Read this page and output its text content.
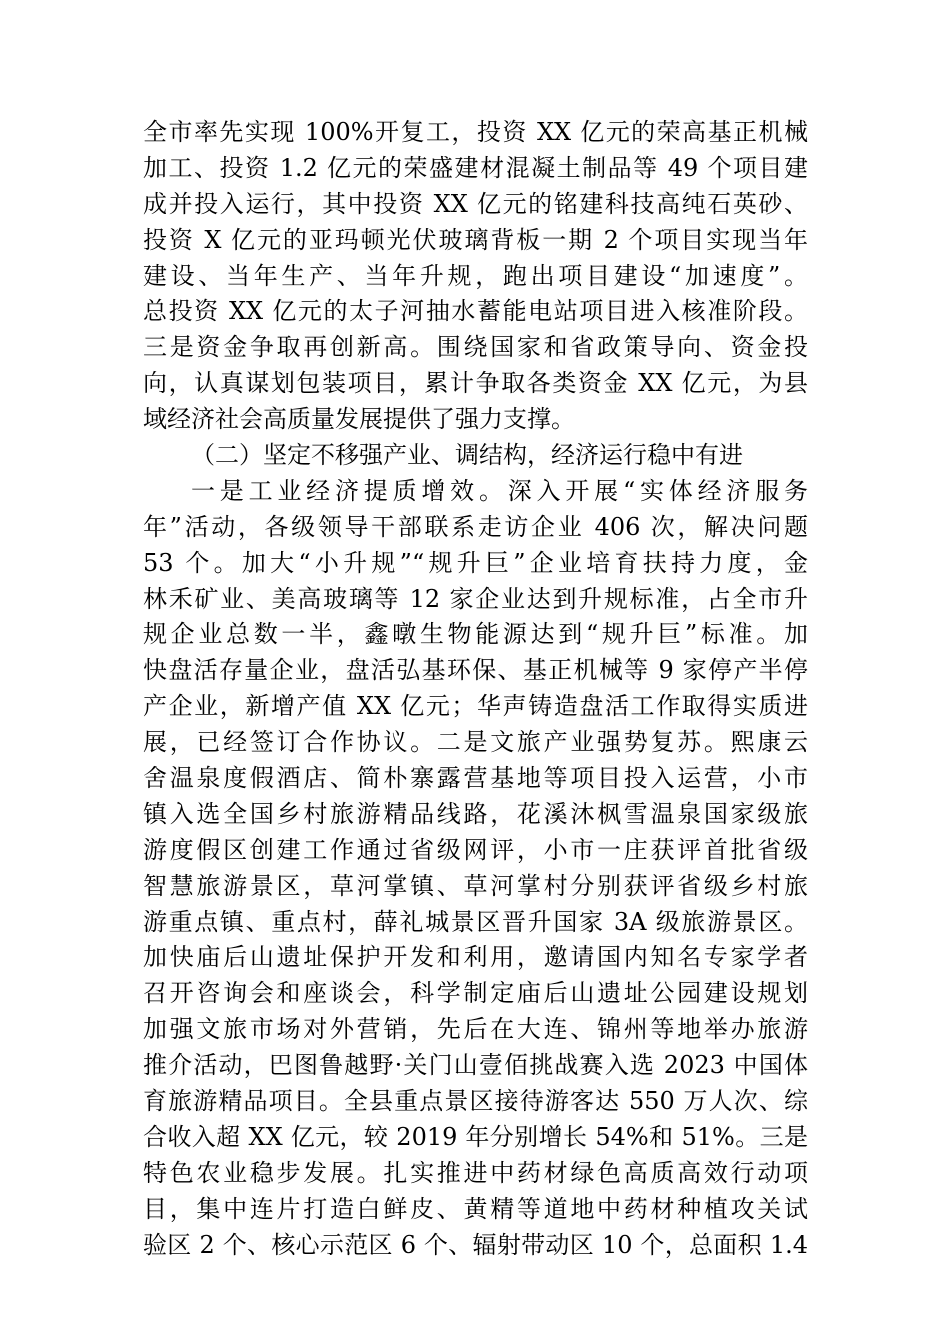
全市率先实现 100%开复工，投资 XX 亿元的荣高基正机械
加工、投资 1.2 亿元的荣盛建材混凝土制品等 49 个项目建
成并投入运行，其中投资 XX 亿元的铭建科技高纯石英砂、
投资 X 亿元的亚玛顿光伏玻璃背板一期 2 个项目实现当年
建设、当年生产、当年升规，跑出项目建设“加速度”。
总投资 XX 亿元的太子河抽水蓄能电站项目进入核准阶段。
三是资金争取再创新高。围绕国家和省政策导向、资金投
向，认真谋划包装项目，累计争取各类资金 XX 亿元，为县
域经济社会高质量发展提供了强力支撑。
（二）坚定不移强产业、调结构，经济运行稳中有进
一是工业经济提质增效。深入开展“实体经济服务
年”活动，各级领导干部联系走访企业 406 次，解决问题
53 个。加大“小升规”“规升巨”企业培育扶持力度，金
林禾矿业、美高玻璃等 12 家企业达到升规标准，占全市升
规企业总数一半，鑫暾生物能源达到“规升巨”标准。加
快盘活存量企业，盘活弘基环保、基正机械等 9 家停产半停
产企业，新增产值 XX 亿元；华声铸造盘活工作取得实质进
展，已经签订合作协议。二是文旅产业强势复苏。熙康云
舍温泉度假酒店、简朴寨露营基地等项目投入运营，小市
镇入选全国乡村旅游精品线路，花溪沐枫雪温泉国家级旅
游度假区创建工作通过省级网评，小市一庄获评首批省级
智慧旅游景区，草河掌镇、草河掌村分别获评省级乡村旅
游重点镇、重点村，薛礼城景区晋升国家 3A 级旅游景区。
加快庙后山遗址保护开发和利用，邀请国内知名专家学者
召开咨询会和座谈会，科学制定庙后山遗址公园建设规划
加强文旅市场对外营销，先后在大连、锦州等地举办旅游
推介活动，巴图鲁越野·关门山壹佰挑战赛入选 2023 中国体
育旅游精品项目。全县重点景区接待游客达 550 万人次、综
合收入超 XX 亿元，较 2019 年分别增长 54%和 51%。三是
特色农业稳步发展。扎实推进中药材绿色高质高效行动项
目，集中连片打造白鲜皮、黄精等道地中药材种植攻关试
验区 2 个、核心示范区 6 个、辐射带动区 10 个，总面积 1.4
